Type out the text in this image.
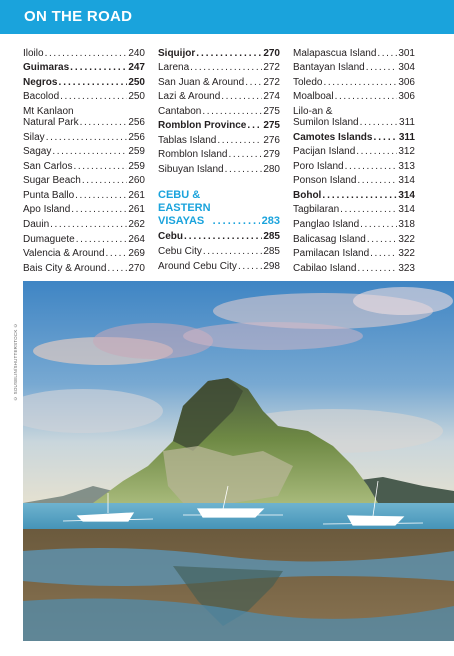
ON THE ROAD
Iloilo .....	240
Guimaras .....	247
Negros .....	250
Bacolod .....	250
Mt Kanlaon
Natural Park .....	256
Silay .....	256
Sagay .....	259
San Carlos .....	259
Sugar Beach .....	260
Punta Ballo .....	261
Apo Island .....	261
Dauin .....	262
Dumaguete .....	264
Valencia & Around ..... 269
Bais City & Around ..... 270
Siquijor .....	270
Larena .....	272
San Juan & Around ..... 272
Lazi & Around .....	274
Cantabon .....	275
Romblon Province ..... 275
Tablas Island .....	276
Romblon Island .....	279
Sibuyan Island .....	280
CEBU & EASTERN
VISAYAS .....	283
Cebu .....	285
Cebu City .....	285
Around Cebu City .....	298
Malapascua Island ..... 301
Bantayan Island .....	304
Toledo .....	306
Moalboal .....	306
Lilo-an &
Sumilon Island .....	311
Camotes Islands .....	311
Pacijan Island .....	312
Poro Island .....	313
Ponson Island .....	314
Bohol .....	314
Tagbilaran .....	314
Panglao Island .....	318
Balicasag Island .....	322
Pamilacan Island .....	322
Cabilao Island .....	323
© SOUSELIN/SHUTTERSTOCK ©
